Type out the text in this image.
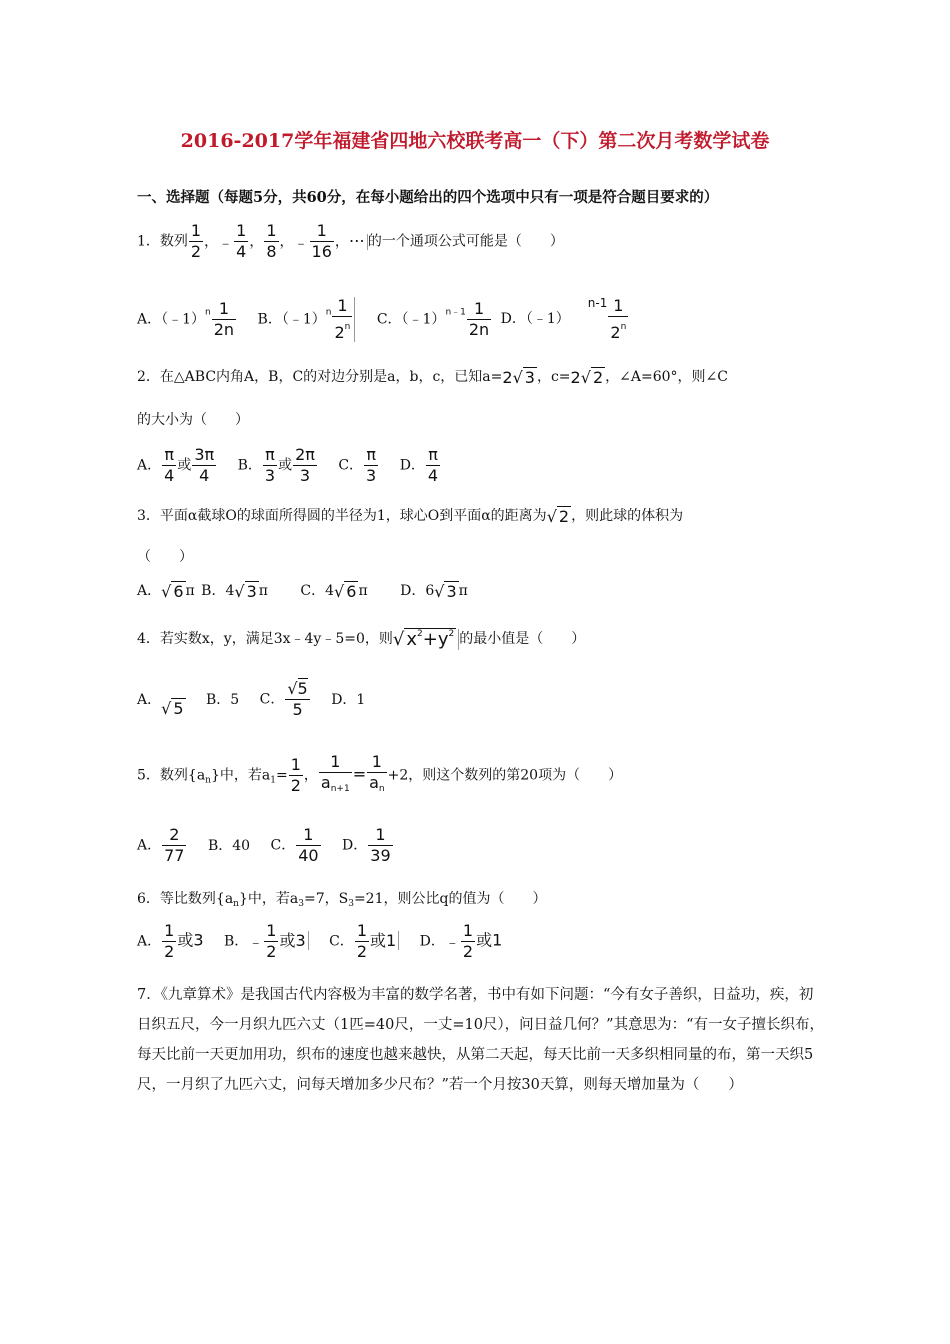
2016-2017学年福建省四地六校联考高一（下）第二次月考数学试卷
一、选择题（每题5分，共60分，在每小题给出的四个选项中只有一项是符合题目要求的）
1．数列 $\frac{1}{2}$ ，﹣ $\frac{1}{4}$ ， $\frac{1}{8}$ ，﹣ $\frac{1}{16}$ ，⋯ 的一个通项公式可能是（　　）
A．（﹣1）$^n$ $\frac{1}{2n}$ B．（﹣1）$^n$ $\frac{1}{2^n}$ C．（﹣1）$^{n﹣1}$ $\frac{1}{2n}$ D．（﹣1）n-1 $\frac{1}{2^n}$
2．在△ABC内角A，B，C的对边分别是a，b，c，已知a=2√ 3 ，c=2√ 2 ，∠A=60°，则∠C
的大小为（　　）
A． $\frac{\pi}{4}$ 或 $\frac{3\pi}{4}$ B． $\frac{\pi}{3}$ 或 $\frac{2\pi}{3}$ C． $\frac{\pi}{3}$ D． $\frac{\pi}{4}$
3．平面α截球O的球面所得圆的半径为1，球心O到平面α的距离为√ 2 ，则此球的体积为
（　　）
A．√ 6 π B．4√ 3 π C．4√ 6 π D．6√ 3 π
4．若实数x，y，满足3x﹣4y﹣5=0，则√ $x^2+y^2$ 的最小值是（　　）
A．√ 5 B．5 C． $\frac{√5}{5}$ D．1
5．数列$\{a_n\}$中，若$a_1= \frac{1}{2}$ ， $\frac{1}{a_{n+1}} = \frac{1}{a_n} +2$，则这个数列的第20项为（　　）
A． $\frac{2}{77}$ B．40 C． $\frac{1}{40}$ D． $\frac{1}{39}$
6．等比数列$\{a_n\}$中，若$a_3=7$，$S_3=21$，则公比q的值为（　　）
A． $\frac{1}{2}$ 或3 B．﹣ $\frac{1}{2}$ 或3 C． $\frac{1}{2}$ 或1 D．﹣ $\frac{1}{2}$ 或1
7．《九章算术》是我国古代内容极为丰富的数学名著，书中有如下问题：“今有女子善织，日益功，疾，初日织五尺，今一月织九匹六丈（1匹=40尺，一丈=10尺），问日益几何？”其意思为：“有一女子擅长织布，每天比前一天更加用功，织布的速度也越来越快，从第二天起，每天比前一天多织相同量的布，第一天织5尺，一月织了九匹六丈，问每天增加多少尺布？”若一个月按30天算，则每天增加量为（　　）
